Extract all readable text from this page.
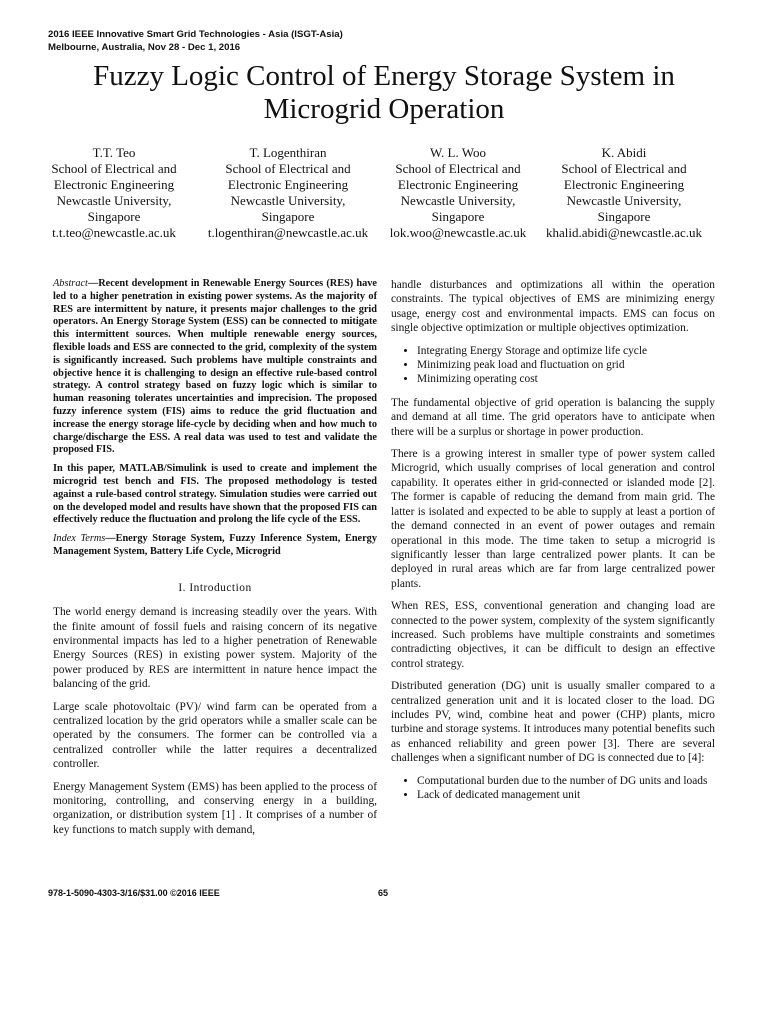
2016 IEEE Innovative Smart Grid Technologies - Asia (ISGT-Asia)
Melbourne, Australia, Nov 28 - Dec 1, 2016
Fuzzy Logic Control of Energy Storage System in
Microgrid Operation
T.T. Teo
School of Electrical and
Electronic Engineering
Newcastle University,
Singapore
t.t.teo@newcastle.ac.uk
T. Logenthiran
School of Electrical and
Electronic Engineering
Newcastle University,
Singapore
t.logenthiran@newcastle.ac.uk
W. L. Woo
School of Electrical and
Electronic Engineering
Newcastle University,
Singapore
lok.woo@newcastle.ac.uk
K. Abidi
School of Electrical and
Electronic Engineering
Newcastle University,
Singapore
khalid.abidi@newcastle.ac.uk

Abstract—Recent development in Renewable Energy Sources (RES) have led to a higher penetration in existing power systems. As the majority of RES are intermittent by nature, it presents major challenges to the grid operators. An Energy Storage System (ESS) can be connected to mitigate this intermittent sources. When multiple renewable energy sources, flexible loads and ESS are connected to the grid, complexity of the system is significantly increased. Such problems have multiple constraints and objective hence it is challenging to design an effective rule-based control strategy. A control strategy based on fuzzy logic which is similar to human reasoning tolerates uncertainties and imprecision. The proposed fuzzy inference system (FIS) aims to reduce the grid fluctuation and increase the energy storage life-cycle by deciding when and how much to charge/discharge the ESS. A real data was used to test and validate the proposed FIS.

In this paper, MATLAB/Simulink is used to create and implement the microgrid test bench and FIS. The proposed methodology is tested against a rule-based control strategy. Simulation studies were carried out on the developed model and results have shown that the proposed FIS can effectively reduce the fluctuation and prolong the life cycle of the ESS.

Index Terms—Energy Storage System, Fuzzy Inference System, Energy Management System, Battery Life Cycle, Microgrid

I. Introduction

The world energy demand is increasing steadily over the years. With the finite amount of fossil fuels and raising concern of its negative environmental impacts has led to a higher penetration of Renewable Energy Sources (RES) in existing power system. Majority of the power produced by RES are intermittent in nature hence impact the balancing of the grid.

Large scale photovoltaic (PV)/ wind farm can be operated from a centralized location by the grid operators while a smaller scale can be operated by the consumers. The former can be controlled via a centralized controller while the latter requires a decentralized controller.

Energy Management System (EMS) has been applied to the process of monitoring, controlling, and conserving energy in a building, organization, or distribution system [1] . It comprises of a number of key functions to match supply with demand,

handle disturbances and optimizations all within the operation constraints. The typical objectives of EMS are minimizing energy usage, energy cost and environmental impacts. EMS can focus on single objective optimization or multiple objectives optimization.

• Integrating Energy Storage and optimize life cycle
• Minimizing peak load and fluctuation on grid
• Minimizing operating cost

The fundamental objective of grid operation is balancing the supply and demand at all time. The grid operators have to anticipate when there will be a surplus or shortage in power production.

There is a growing interest in smaller type of power system called Microgrid, which usually comprises of local generation and control capability. It operates either in grid-connected or islanded mode [2]. The former is capable of reducing the demand from main grid. The latter is isolated and expected to be able to supply at least a portion of the demand connected in an event of power outages and remain operational in this mode. The time taken to setup a microgrid is significantly lesser than large centralized power plants. It can be deployed in rural areas which are far from large centralized power plants.

When RES, ESS, conventional generation and changing load are connected to the power system, complexity of the system significantly increased. Such problems have multiple constraints and sometimes contradicting objectives, it can be difficult to design an effective control strategy.

Distributed generation (DG) unit is usually smaller compared to a centralized generation unit and it is located closer to the load. DG includes PV, wind, combine heat and power (CHP) plants, micro turbine and storage systems. It introduces many potential benefits such as enhanced reliability and green power [3]. There are several challenges when a significant number of DG is connected due to [4]:

• Computational burden due to the number of DG units and loads
• Lack of dedicated management unit
978-1-5090-4303-3/16/$31.00 ©2016 IEEE	65
